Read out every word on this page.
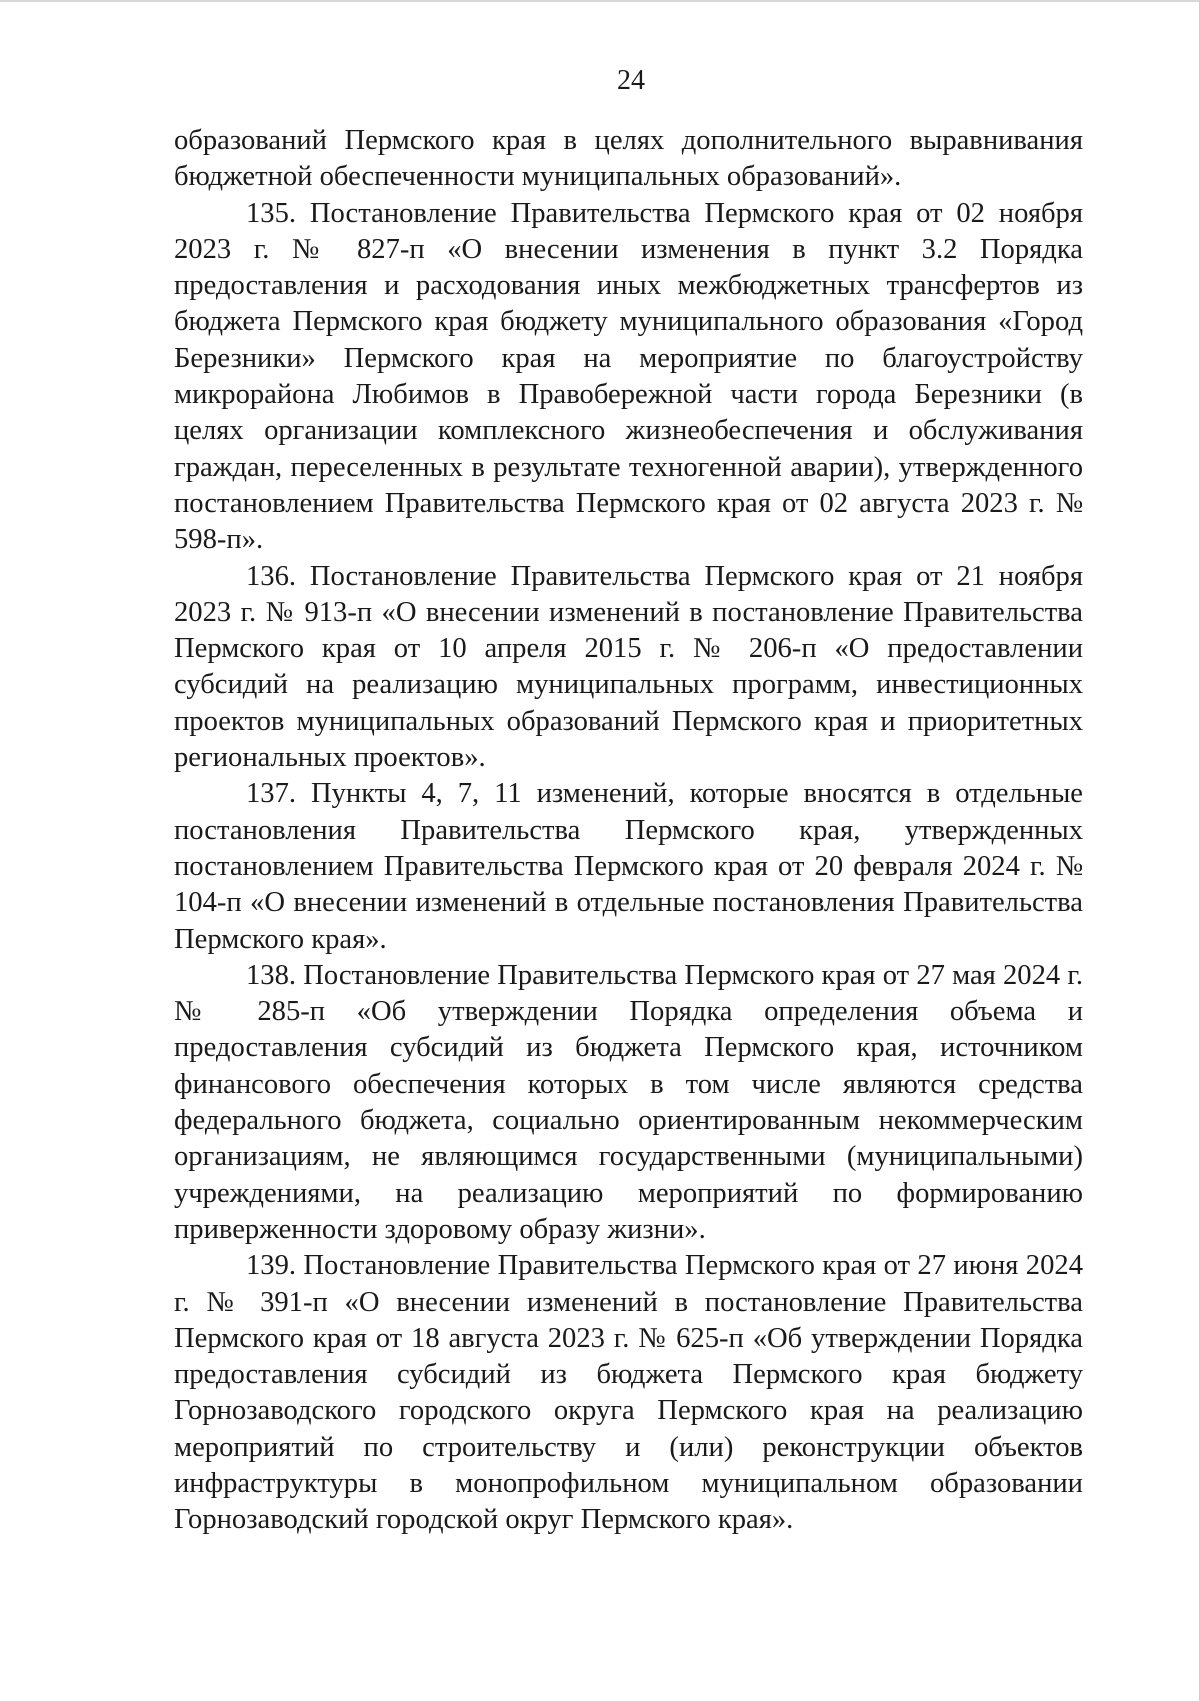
24

образований Пермского края в целях дополнительного выравнивания бюджетной обеспеченности муниципальных образований».

135. Постановление Правительства Пермского края от 02 ноября 2023 г. № 827-п «О внесении изменения в пункт 3.2 Порядка предоставления и расходования иных межбюджетных трансфертов из бюджета Пермского края бюджету муниципального образования «Город Березники» Пермского края на мероприятие по благоустройству микрорайона Любимов в Правобережной части города Березники (в целях организации комплексного жизнеобеспечения и обслуживания граждан, переселенных в результате техногенной аварии), утвержденного постановлением Правительства Пермского края от 02 августа 2023 г. № 598-п».

136. Постановление Правительства Пермского края от 21 ноября 2023 г. № 913-п «О внесении изменений в постановление Правительства Пермского края от 10 апреля 2015 г. № 206-п «О предоставлении субсидий на реализацию муниципальных программ, инвестиционных проектов муниципальных образований Пермского края и приоритетных региональных проектов».

137. Пункты 4, 7, 11 изменений, которые вносятся в отдельные постановления Правительства Пермского края, утвержденных постановлением Правительства Пермского края от 20 февраля 2024 г. № 104-п «О внесении изменений в отдельные постановления Правительства Пермского края».

138. Постановление Правительства Пермского края от 27 мая 2024 г. № 285-п «Об утверждении Порядка определения объема и предоставления субсидий из бюджета Пермского края, источником финансового обеспечения которых в том числе являются средства федерального бюджета, социально ориентированным некоммерческим организациям, не являющимся государственными (муниципальными) учреждениями, на реализацию мероприятий по формированию приверженности здоровому образу жизни».

139. Постановление Правительства Пермского края от 27 июня 2024 г. № 391-п «О внесении изменений в постановление Правительства Пермского края от 18 августа 2023 г. № 625-п «Об утверждении Порядка предоставления субсидий из бюджета Пермского края бюджету Горнозаводского городского округа Пермского края на реализацию мероприятий по строительству и (или) реконструкции объектов инфраструктуры в монопрофильном муниципальном образовании Горнозаводский городской округ Пермского края».
